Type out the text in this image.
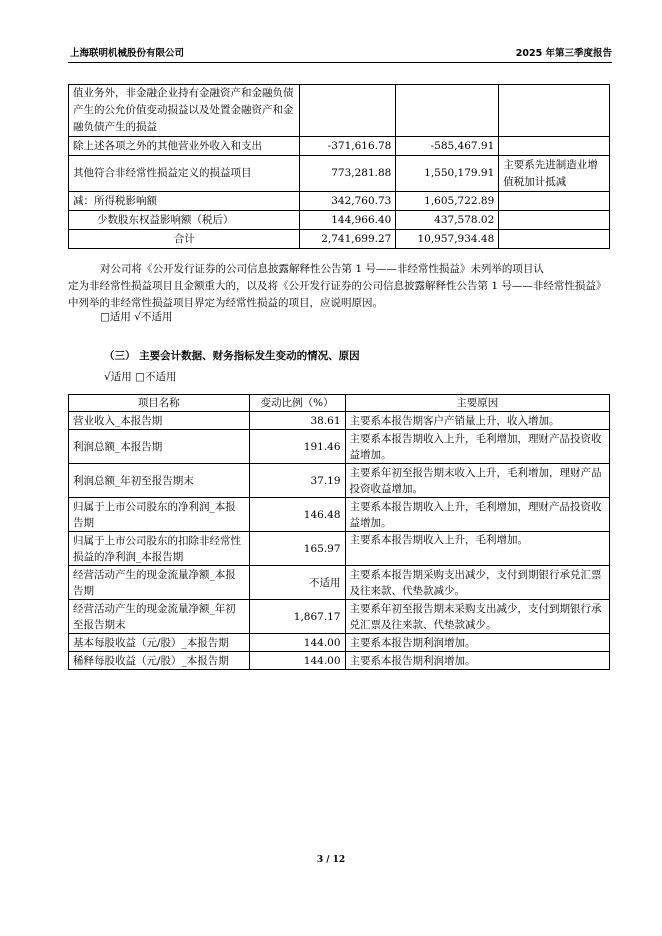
上海联明机械股份有限公司	2025 年第三季度报告
值业务外，非金融企业持有金融资产和金融负债产生的公允价值变动损益以及处置金融资产和金融负债产生的损益			
除上述各项之外的其他营业外收入和支出	-371,616.78	-585,467.91	
其他符合非经常性损益定义的损益项目	773,281.88	1,550,179.91	主要系先进制造业增值税加计抵减
减：所得税影响额	342,760.73	1,605,722.89	
少数股东权益影响额（税后）	144,966.40	437,578.02	
合计	2,741,699.27	10,957,934.48	
对公司将《公开发行证券的公司信息披露解释性公告第 1 号——非经常性损益》未列举的项目认
定为非经常性损益项目且金额重大的，以及将《公开发行证券的公司信息披露解释性公告第 1 号——非经常性损益》中列举的非经常性损益项目界定为经常性损益的项目，应说明原因。
□适用 √不适用
（三） 主要会计数据、财务指标发生变动的情况、原因
√适用 □不适用
项目名称	变动比例（%）	主要原因
营业收入_本报告期	38.61	主要系本报告期客户产销量上升，收入增加。
利润总额_本报告期	191.46	主要系本报告期收入上升，毛利增加，理财产品投资收益增加。
利润总额_年初至报告期末	37.19	主要系年初至报告期末收入上升，毛利增加，理财产品投资收益增加。
归属于上市公司股东的净利润_本报告期	146.48	主要系本报告期收入上升，毛利增加，理财产品投资收益增加。
归属于上市公司股东的扣除非经常性损益的净利润_本报告期	165.97	主要系本报告期收入上升，毛利增加。
经营活动产生的现金流量净额_本报告期	不适用	主要系本报告期采购支出减少，支付到期银行承兑汇票及往来款、代垫款减少。
经营活动产生的现金流量净额_年初至报告期末	1,867.17	主要系年初至报告期末采购支出减少，支付到期银行承兑汇票及往来款、代垫款减少。
基本每股收益（元/股）_本报告期	144.00	主要系本报告期利润增加。
稀释每股收益（元/股）_本报告期	144.00	主要系本报告期利润增加。
3 / 12
